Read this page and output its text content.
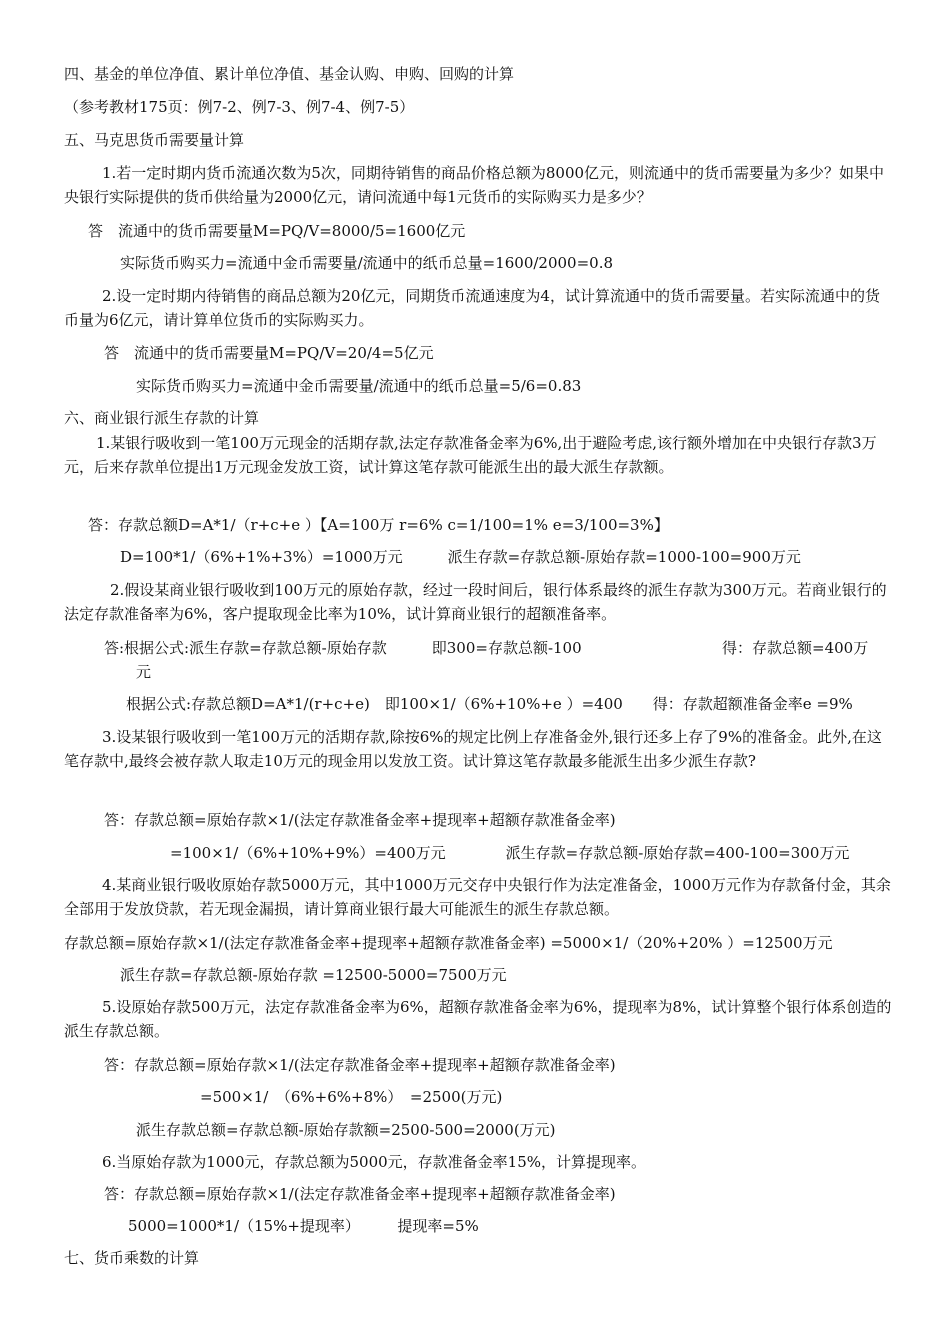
四、基金的单位净值、累计单位净值、基金认购、申购、回购的计算
（参考教材175页：例7-2、例7-3、例7-4、例7-5）
五、马克思货币需要量计算
1.若一定时期内货币流通次数为5次，同期待销售的商品价格总额为8000亿元，则流通中的货币需要量为多少？如果中央银行实际提供的货币供给量为2000亿元，请问流通中每1元货币的实际购买力是多少？
答　流通中的货币需要量M=PQ/V=8000/5=1600亿元
实际货币购买力=流通中金币需要量/流通中的纸币总量=1600/2000=0.8
2.设一定时期内待销售的商品总额为20亿元，同期货币流通速度为4，试计算流通中的货币需要量。若实际流通中的货币量为6亿元，请计算单位货币的实际购买力。
答　流通中的货币需要量M=PQ/V=20/4=5亿元
实际货币购买力=流通中金币需要量/流通中的纸币总量=5/6=0.83
六、商业银行派生存款的计算
1.某银行吸收到一笔100万元现金的活期存款,法定存款准备金率为6%,出于避险考虑,该行额外增加在中央银行存款3万元，后来存款单位提出1万元现金发放工资，试计算这笔存款可能派生出的最大派生存款额。
答：存款总额D=A*1/（r+c+e ）【A=100万 r=6% c=1/100=1% e=3/100=3%】
D=100*1/（6%+1%+3%）=1000万元　　　派生存款=存款总额-原始存款=1000-100=900万元
2.假设某商业银行吸收到100万元的原始存款，经过一段时间后，银行体系最终的派生存款为300万元。若商业银行的法定存款准备率为6%，客户提取现金比率为10%，试计算商业银行的超额准备率。
答:根据公式:派生存款=存款总额-原始存款　　　即300=存款总额-100	得：存款总额=400万
元
根据公式:存款总额D=A*1/(r+c+e)　即100×1/（6%+10%+e ）=400　　得：存款超额准备金率e =9%
3.设某银行吸收到一笔100万元的活期存款,除按6%的规定比例上存准备金外,银行还多上存了9%的准备金。此外,在这笔存款中,最终会被存款人取走10万元的现金用以发放工资。试计算这笔存款最多能派生出多少派生存款?
答：存款总额=原始存款×1/(法定存款准备金率+提现率+超额存款准备金率)
=100×1/（6%+10%+9%）=400万元　　　　派生存款=存款总额-原始存款=400-100=300万元
4.某商业银行吸收原始存款5000万元，其中1000万元交存中央银行作为法定准备金，1000万元作为存款备付金，其余全部用于发放贷款，若无现金漏损，请计算商业银行最大可能派生的派生存款总额。
存款总额=原始存款×1/(法定存款准备金率+提现率+超额存款准备金率) =5000×1/（20%+20% ）=12500万元
派生存款=存款总额-原始存款 =12500-5000=7500万元
5.设原始存款500万元，法定存款准备金率为6%，超额存款准备金率为6%，提现率为8%，试计算整个银行体系创造的派生存款总额。
答：存款总额=原始存款×1/(法定存款准备金率+提现率+超额存款准备金率)
=500×1/　（6%+6%+8%）　=2500(万元)
派生存款总额=存款总额-原始存款额=2500-500=2000(万元)
6.当原始存款为1000元，存款总额为5000元，存款准备金率15%，计算提现率。
答：存款总额=原始存款×1/(法定存款准备金率+提现率+超额存款准备金率)
5000=1000*1/（15%+提现率）　　　提现率=5%
七、货币乘数的计算
